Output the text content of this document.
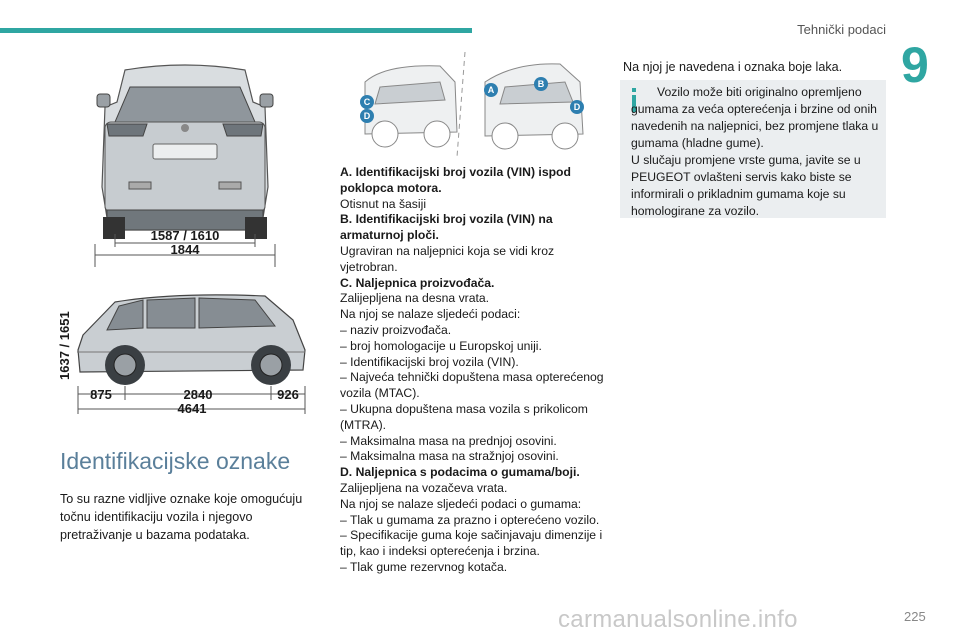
Tehnički podaci
9
1587 / 1610
1844
1637 / 1651
875	2840	926
4641
C
D
A
B
D
Identifikacijske oznake
To su razne vidljive oznake koje omogućuju točnu identifikaciju vozila i njegovo pretraživanje u bazama podataka.

A. Identifikacijski broj vozila (VIN) ispod poklopca motora.

Otisnut na šasiji

B. Identifikacijski broj vozila (VIN) na armaturnoj ploči.

Ugraviran na naljepnici koja se vidi kroz vjetrobran.

C. Naljepnica proizvođača.

Zalijepljena na desna vrata.

Na njoj se nalaze sljedeći podaci:

– naziv proizvođača.

– broj homologacije u Europskoj uniji.

– Identifikacijski broj vozila (VIN).

– Najveća tehnički dopuštena masa opterećenog vozila (MTAC).

– Ukupna dopuštena masa vozila s prikolicom (MTRA).

– Maksimalna masa na prednjoj osovini.

– Maksimalna masa na stražnjoj osovini.

D. Naljepnica s podacima o gumama/boji.

Zalijepljena na vozačeva vrata.

Na njoj se nalaze sljedeći podaci o gumama:

– Tlak u gumama za prazno i opterećeno vozilo.

– Specifikacije guma koje sačinjavaju dimenzije i tip, kao i indeksi opterećenja i brzina.

– Tlak gume rezervnog kotača.

Na njoj je navedena i oznaka boje laka.
Vozilo može biti originalno opremljeno gumama za veća opterećenja i brzine od onih navedenih na naljepnici, bez promjene tlaka u gumama (hladne gume).
U slučaju promjene vrste guma, javite se u PEUGEOT ovlašteni servis kako biste se informirali o prikladnim gumama koje su homologirane za vozilo.
carmanualsonline.info	225
